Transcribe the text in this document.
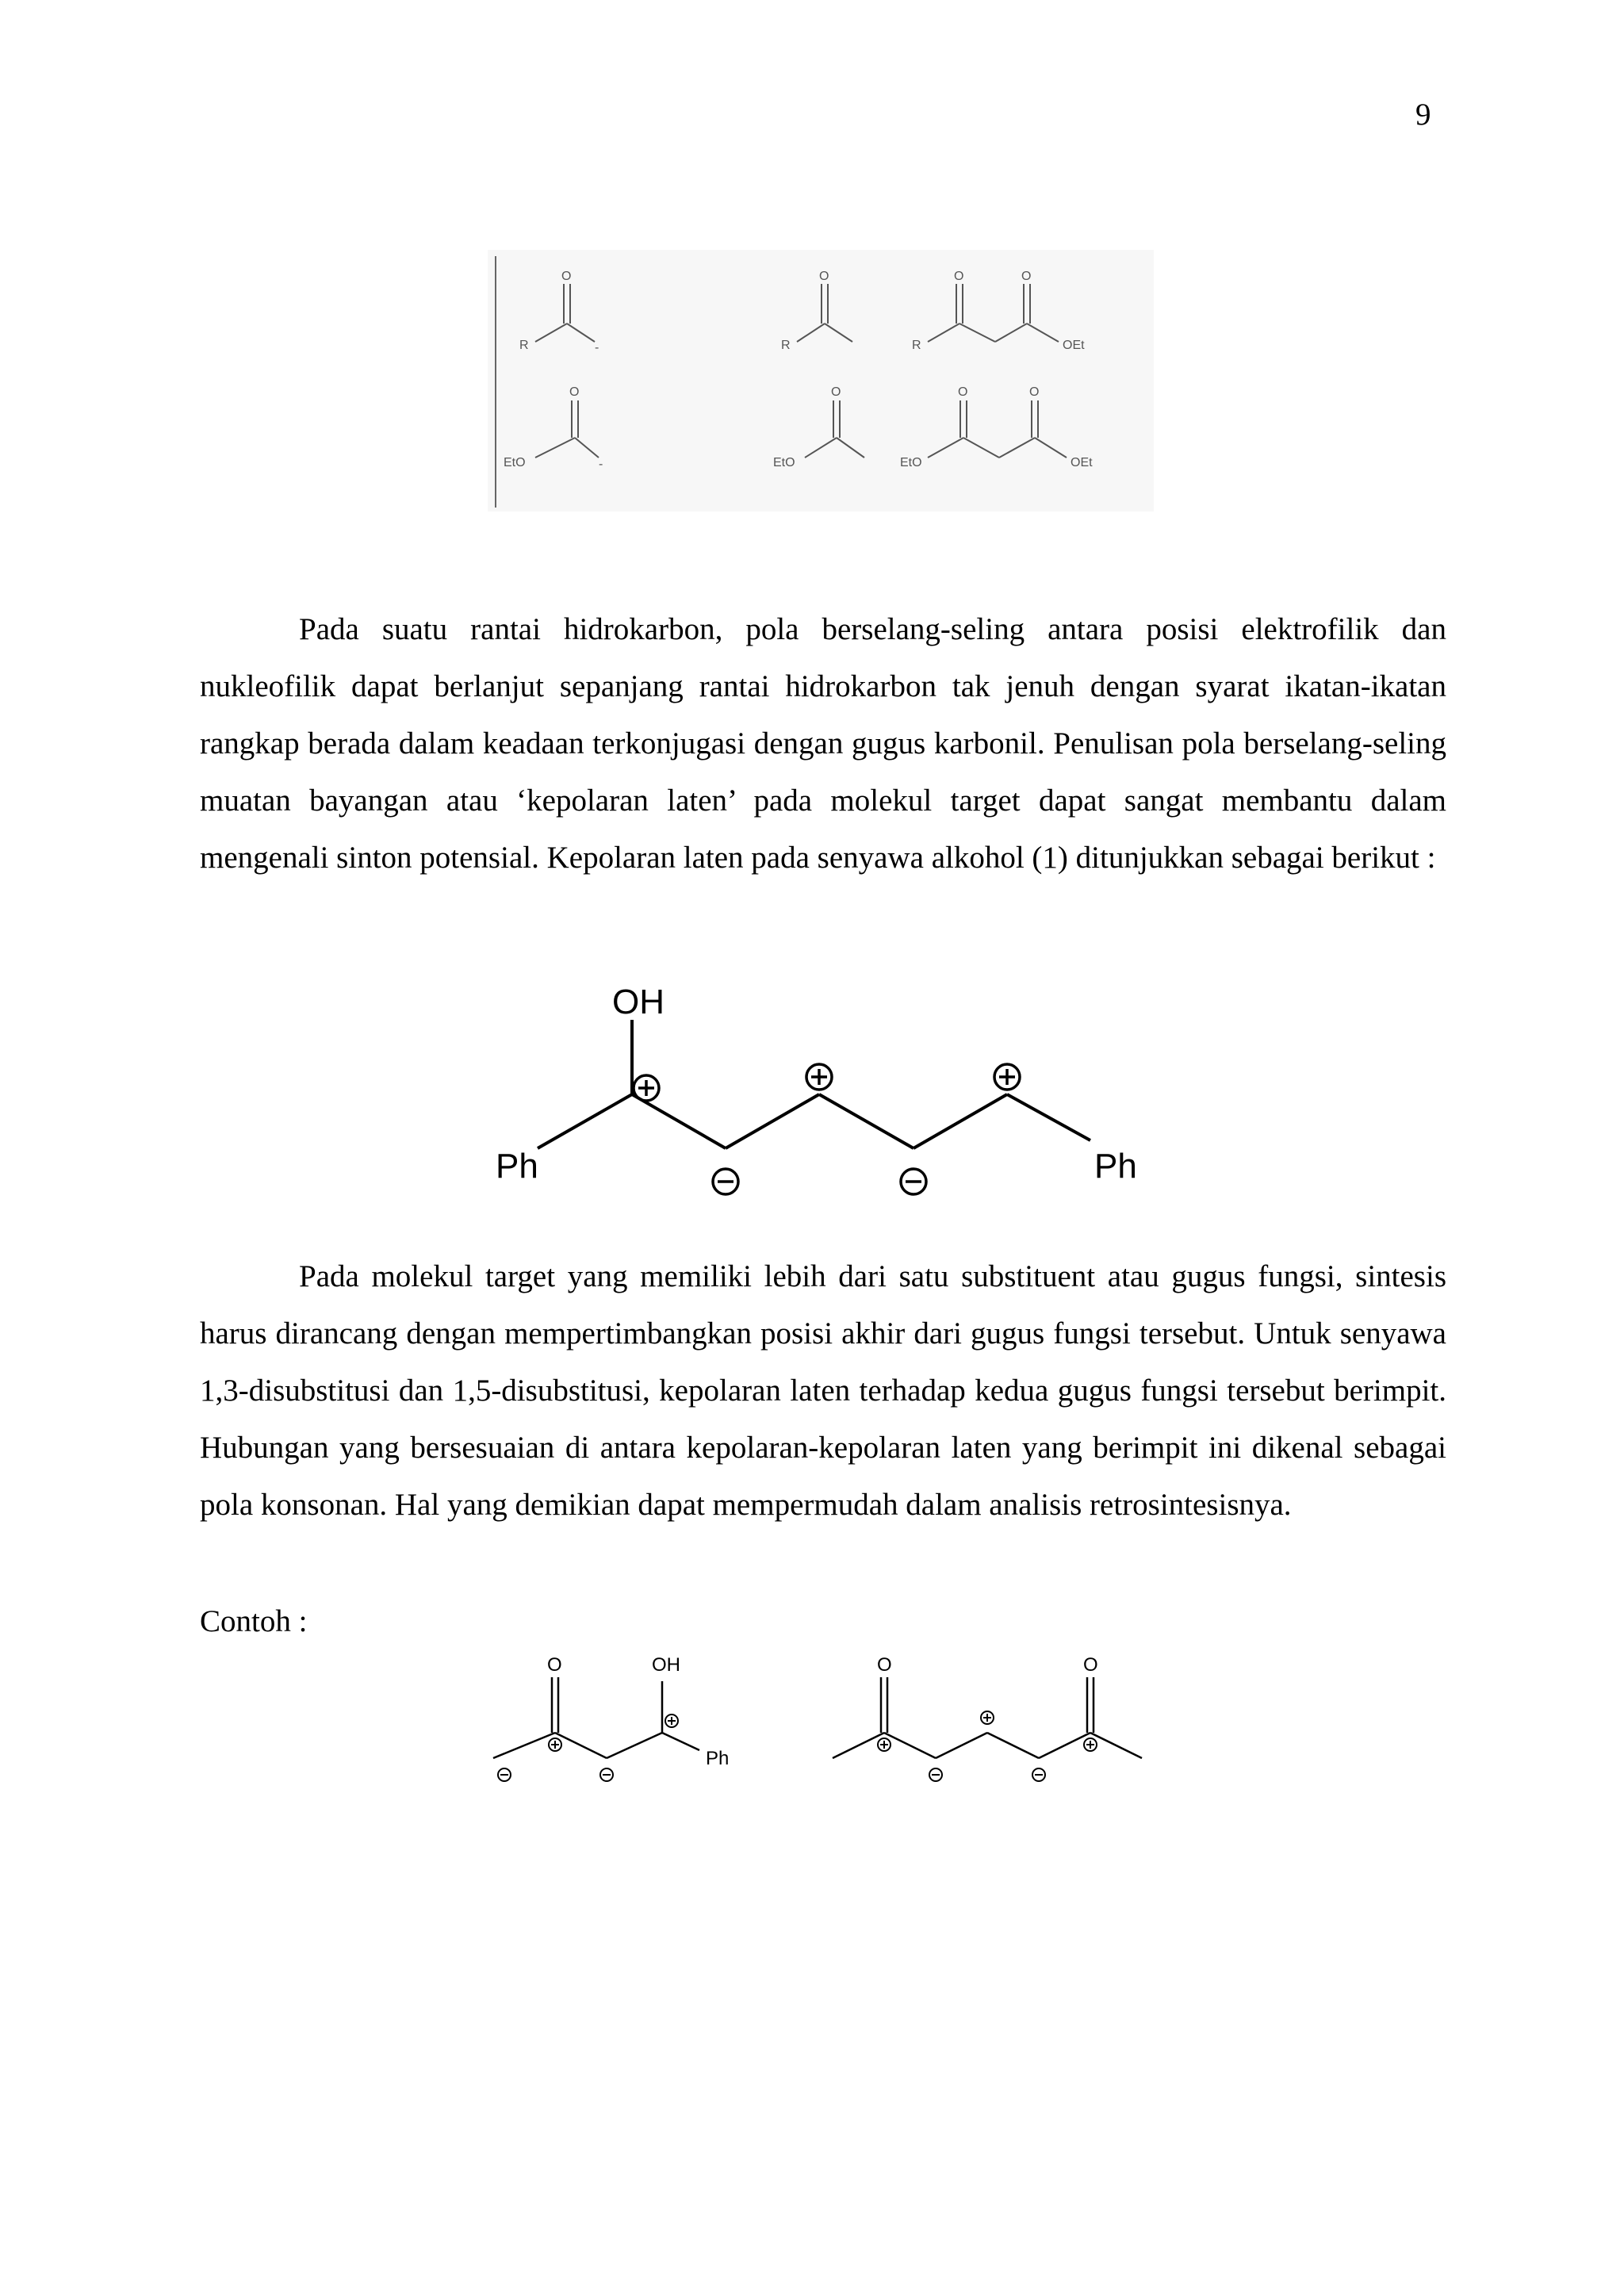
9
O
R	-
O
R
O	O
R	OEt
O
EtO	-
O
EtO
O	O
EtO	OEt

Pada suatu rantai hidrokarbon, pola berselang-seling antara posisi elektrofilik dan nukleofilik dapat berlanjut sepanjang rantai hidrokarbon tak jenuh dengan syarat ikatan-ikatan rangkap berada dalam keadaan terkonjugasi dengan gugus karbonil. Penulisan pola berselang-seling muatan bayangan atau ‘kepolaran laten’ pada molekul target dapat sangat membantu dalam mengenali sinton potensial. Kepolaran laten pada senyawa alkohol (1) ditunjukkan sebagai berikut :

OH
Ph	Ph

Pada molekul target yang memiliki lebih dari satu substituent atau gugus fungsi, sintesis harus dirancang dengan mempertimbangkan posisi akhir dari gugus fungsi tersebut. Untuk senyawa 1,3-disubstitusi dan 1,5-disubstitusi, kepolaran laten terhadap kedua gugus fungsi tersebut berimpit. Hubungan yang bersesuaian di antara kepolaran-kepolaran laten yang berimpit ini dikenal sebagai pola konsonan. Hal yang demikian dapat mempermudah dalam analisis retrosintesisnya.

Contoh :

O	OH
Ph
O	O
